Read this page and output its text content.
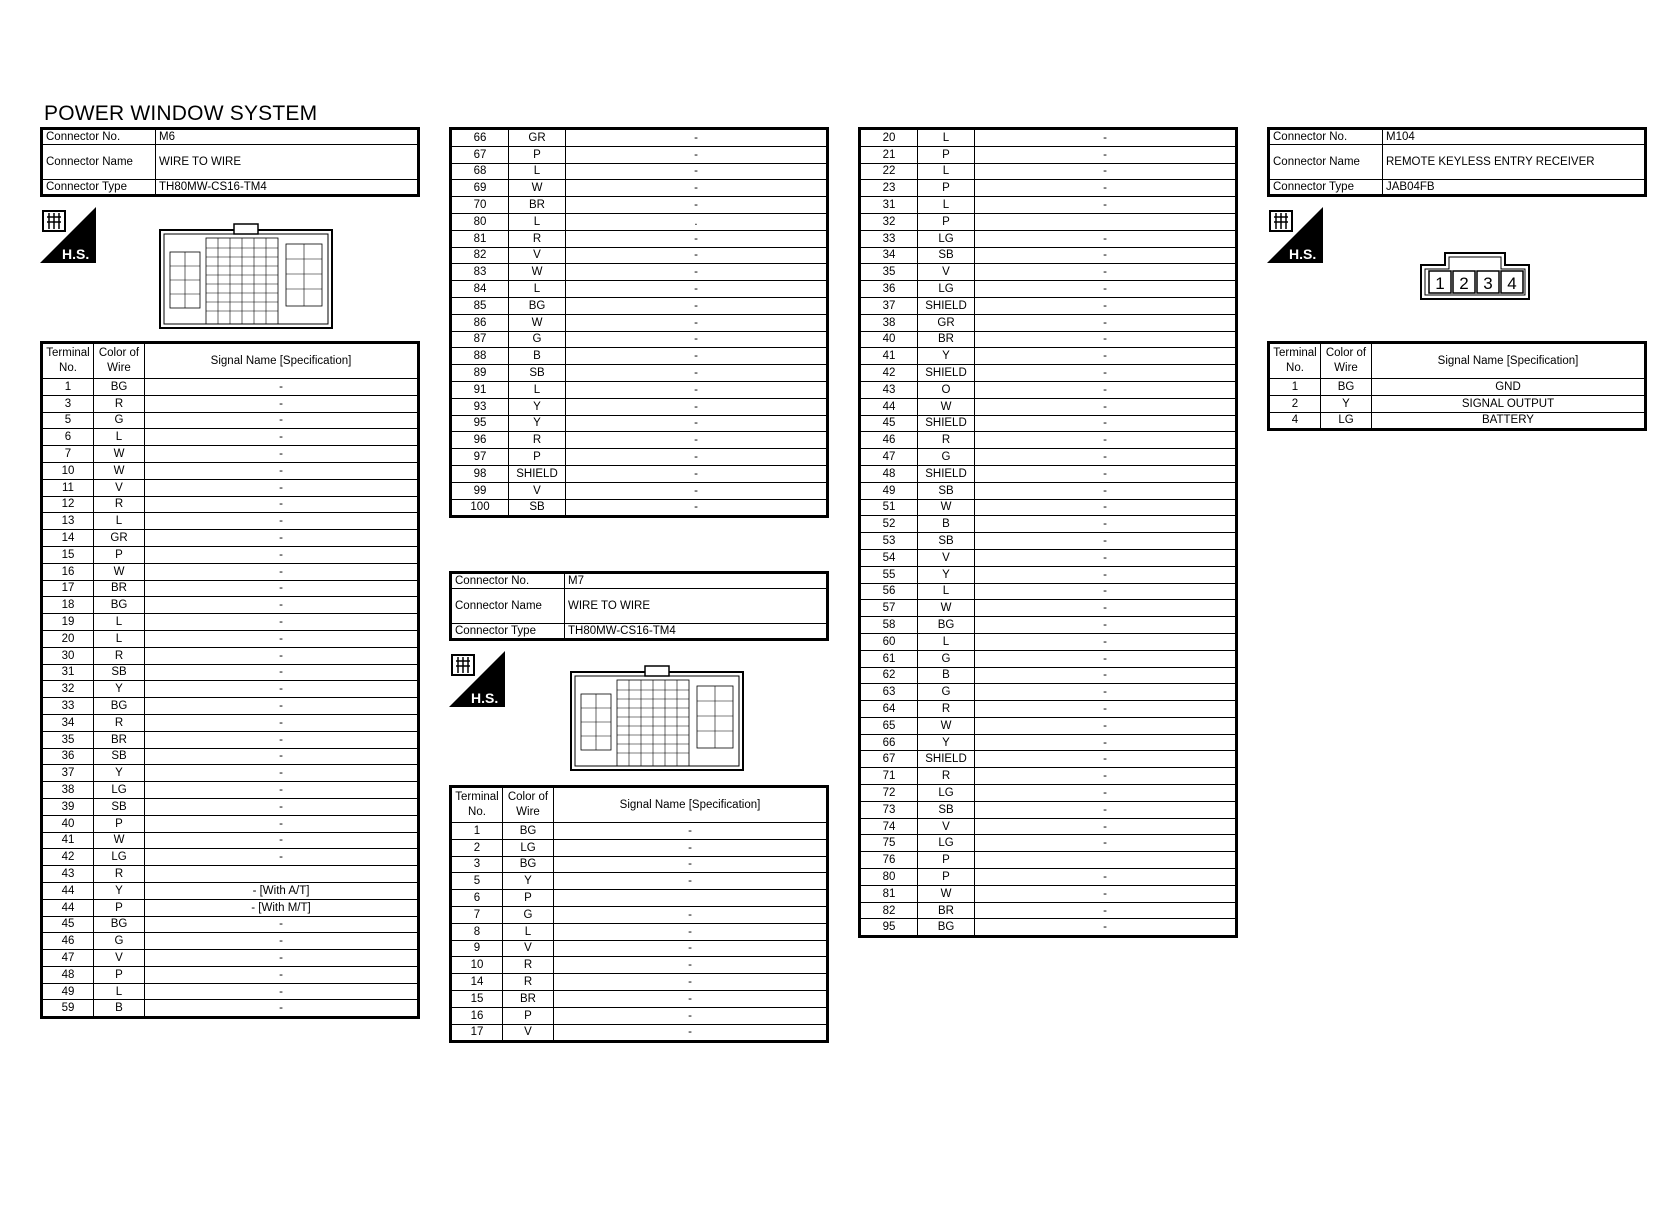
POWER WINDOW SYSTEM
Connector No.	M6
Connector Name	WIRE TO WIRE
Connector Type	TH80MW-CS16-TM4
H.S.
Terminal No.	Color of Wire	Signal Name [Specification]
1	BG	-
3	R	-
5	G	-
6	L	-
7	W	-
10	W	-
11	V	-
12	R	-
13	L	-
14	GR	-
15	P	-
16	W	-
17	BR	-
18	BG	-
19	L	-
20	L	-
30	R	-
31	SB	-
32	Y	-
33	BG	-
34	R	-
35	BR	-
36	SB	-
37	Y	-
38	LG	-
39	SB	-
40	P	-
41	W	-
42	LG	-
43	R	
44	Y	- [With A/T]
44	P	- [With M/T]
45	BG	-
46	G	-
47	V	-
48	P	-
49	L	-
59	B	-
66	GR	-
67	P	-
68	L	-
69	W	-
70	BR	-
80	L	.
81	R	-
82	V	-
83	W	-
84	L	-
85	BG	-
86	W	-
87	G	-
88	B	-
89	SB	-
91	L	-
93	Y	-
95	Y	-
96	R	-
97	P	-
98	SHIELD	-
99	V	-
100	SB	-
Connector No.	M7
Connector Name	WIRE TO WIRE
Connector Type	TH80MW-CS16-TM4
H.S.
Terminal No.	Color of Wire	Signal Name [Specification]
1	BG	-
2	LG	-
3	BG	-
5	Y	-
6	P	
7	G	-
8	L	-
9	V	-
10	R	-
14	R	-
15	BR	-
16	P	-
17	V	-
20	L	-
21	P	-
22	L	-
23	P	-
31	L	-
32	P	
33	LG	-
34	SB	-
35	V	-
36	LG	-
37	SHIELD	-
38	GR	-
40	BR	-
41	Y	-
42	SHIELD	-
43	O	-
44	W	-
45	SHIELD	-
46	R	-
47	G	-
48	SHIELD	-
49	SB	-
51	W	-
52	B	-
53	SB	-
54	V	-
55	Y	-
56	L	-
57	W	-
58	BG	-
60	L	-
61	G	-
62	B	-
63	G	-
64	R	-
65	W	-
66	Y	-
67	SHIELD	-
71	R	-
72	LG	-
73	SB	-
74	V	-
75	LG	-
76	P	
80	P	-
81	W	-
82	BR	-
95	BG	-
Connector No.	M104
Connector Name	REMOTE KEYLESS ENTRY RECEIVER
Connector Type	JAB04FB
H.S.
1 2 3 4
Terminal No.	Color of Wire	Signal Name [Specification]
1	BG	GND
2	Y	SIGNAL OUTPUT
4	LG	BATTERY
